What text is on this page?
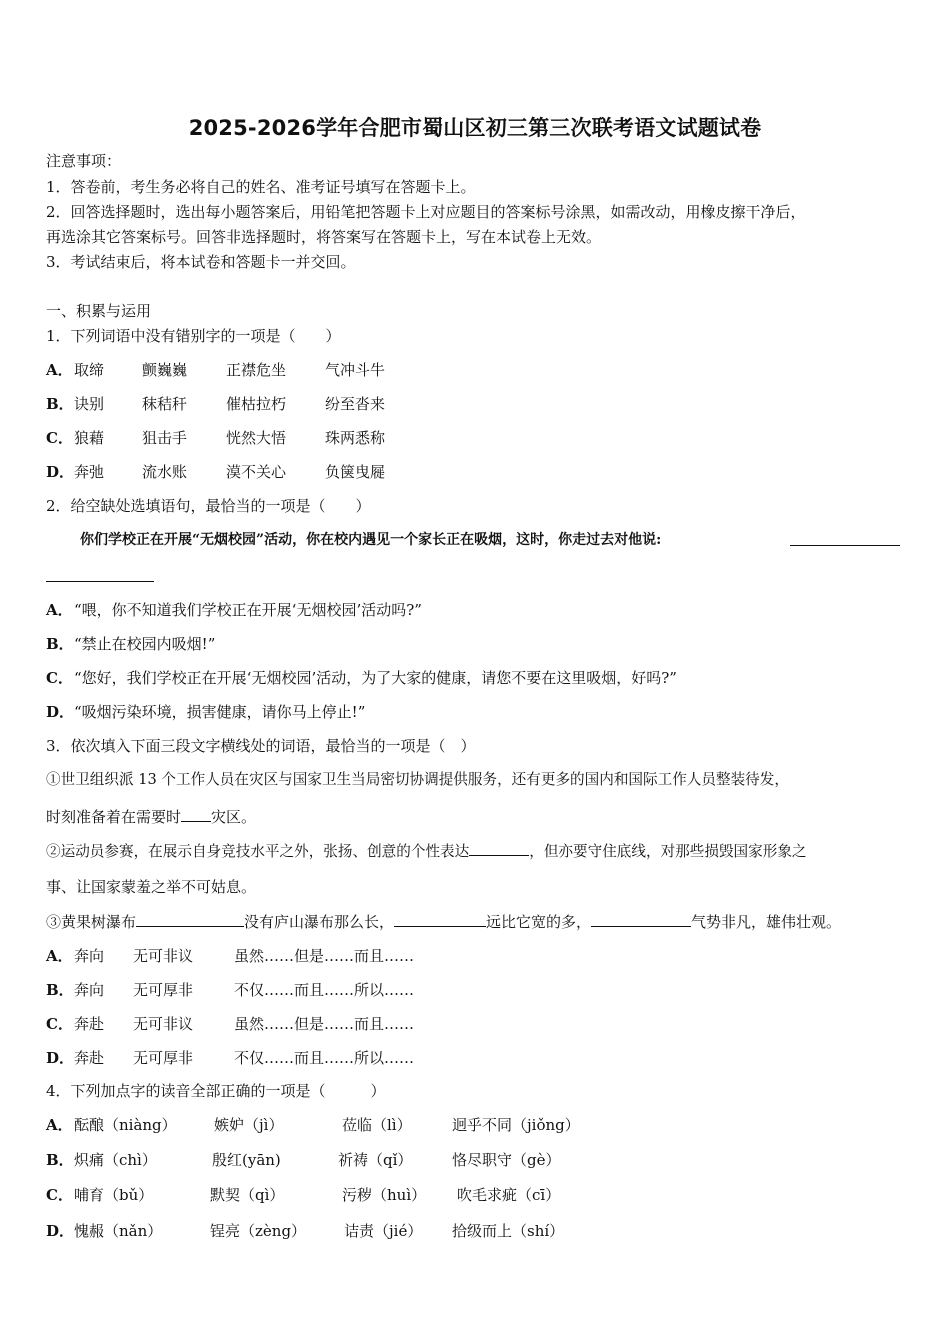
2025-2026学年合肥市蜀山区初三第三次联考语文试题试卷
注意事项：
1．答卷前，考生务必将自己的姓名、准考证号填写在答题卡上。
2．回答选择题时，选出每小题答案后，用铅笔把答题卡上对应题目的答案标号涂黑，如需改动，用橡皮擦干净后，
再选涂其它答案标号。回答非选择题时，将答案写在答题卡上，写在本试卷上无效。
3．考试结束后，将本试卷和答题卡一并交回。
一、积累与运用
1．下列词语中没有错别字的一项是（　　）
A． 取缔	颤巍巍	正襟危坐	气冲斗牛
B． 诀别	秣秸秆	催枯拉朽	纷至沓来
C． 狼藉	狙击手	恍然大悟	珠两悉称
D． 奔弛	流水账	漠不关心	负箧曳屣
2．给空缺处选填语句，最恰当的一项是（　　）
你们学校正在开展“无烟校园”活动，你在校内遇见一个家长正在吸烟，这时，你走过去对他说:
A． “喂，你不知道我们学校正在开展‘无烟校园’活动吗?”
B． “禁止在校园内吸烟!”
C． “您好，我们学校正在开展‘无烟校园’活动，为了大家的健康，请您不要在这里吸烟，好吗?”
D． “吸烟污染环境，损害健康，请你马上停止!”
3．依次填入下面三段文字横线处的词语，最恰当的一项是（　）
①世卫组织派 13 个工作人员在灾区与国家卫生当局密切协调提供服务，还有更多的国内和国际工作人员整装待发，
时刻准备着在需要时 灾区。
②运动员参赛，在展示自身竞技水平之外，张扬、创意的个性表达	，但亦要守住底线，对那些损毁国家形象之
事、让国家蒙羞之举不可姑息。
③黄果树瀑布	没有庐山瀑布那么长，	远比它宽的多，	气势非凡，雄伟壮观。
A． 奔向 无可非议	虽然……但是……而且……
B． 奔向 无可厚非	不仅……而且……所以……
C． 奔赴 无可非议	虽然……但是……而且……
D． 奔赴 无可厚非	不仅……而且……所以……
4．下列加点字的读音全部正确的一项是（　　　）
A． 酝酿（niàng） 嫉妒（jì）	莅临（lì）	迥乎不同（jiǒng）
B． 炽痛（chì）	殷红(yān)	祈祷（qǐ）	恪尽职守（gè）
C． 哺育（bǔ）	默契（qì）	污秽（huì） 吹毛求疵（cī）
D． 愧赧（nǎn）	锃亮（zèng）	诘责（jié） 拾级而上（shí）
